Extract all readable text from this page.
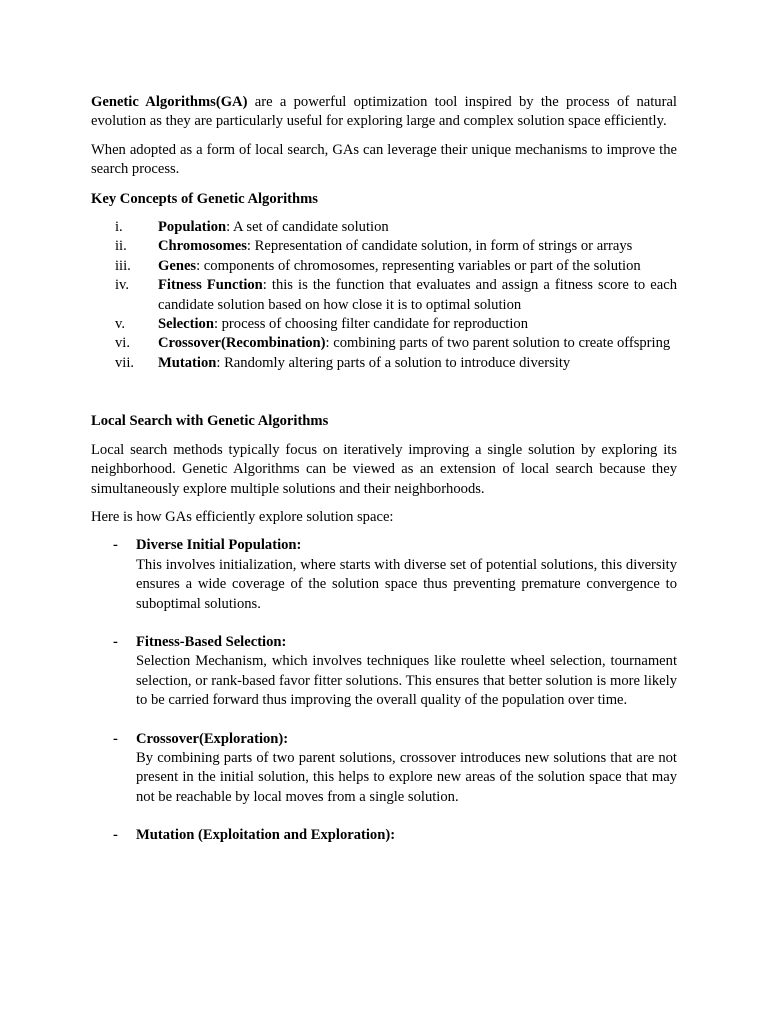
Genetic Algorithms(GA) are a powerful optimization tool inspired by the process of natural evolution as they are particularly useful for exploring large and complex solution space efficiently.

When adopted as a form of local search, GAs can leverage their unique mechanisms to improve the search process.

Key Concepts of Genetic Algorithms

i. Population: A set of candidate solution
ii. Chromosomes: Representation of candidate solution, in form of strings or arrays
iii. Genes: components of chromosomes, representing variables or part of the solution
iv. Fitness Function: this is the function that evaluates and assign a fitness score to each candidate solution based on how close it is to optimal solution
v. Selection: process of choosing filter candidate for reproduction
vi. Crossover(Recombination): combining parts of two parent solution to create offspring
vii. Mutation: Randomly altering parts of a solution to introduce diversity

Local Search with Genetic Algorithms

Local search methods typically focus on iteratively improving a single solution by exploring its neighborhood. Genetic Algorithms can be viewed as an extension of local search because they simultaneously explore multiple solutions and their neighborhoods.

Here is how GAs efficiently explore solution space:

- Diverse Initial Population:
This involves initialization, where starts with diverse set of potential solutions, this diversity ensures a wide coverage of the solution space thus preventing premature convergence to suboptimal solutions.
- Fitness-Based Selection:
Selection Mechanism, which involves techniques like roulette wheel selection, tournament selection, or rank-based favor fitter solutions. This ensures that better solution is more likely to be carried forward thus improving the overall quality of the population over time.
- Crossover(Exploration):
By combining parts of two parent solutions, crossover introduces new solutions that are not present in the initial solution, this helps to explore new areas of the solution space that may not be reachable by local moves from a single solution.
- Mutation (Exploitation and Exploration):
